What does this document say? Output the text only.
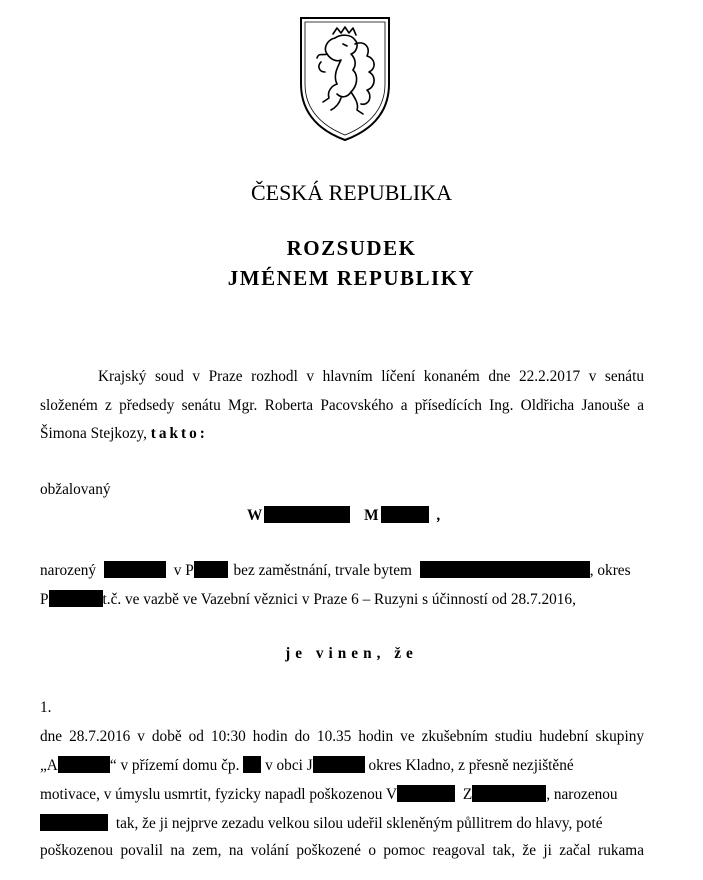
ČESKÁ REPUBLIKA
ROZSUDEK
JMÉNEM REPUBLIKY
Krajský soud v Praze rozhodl v hlavním líčení konaném dne 22.2.2017 v senátu
složeném z předsedy senátu Mgr. Roberta Pacovského a přísedících Ing. Oldřicha Janouše a
Šimona Stejkozy, takto:
obžalovaný
W	M	,
narozený	v P	bez zaměstnání, trvale bytem	, okres
P	t.č. ve vazbě ve Vazební věznici v Praze 6 – Ruzyni s účinností od 28.7.2016,
je vinen, že
1.
dne 28.7.2016 v době od 10:30 hodin do 10.35 hodin ve zkušebním studiu hudební skupiny
„A	“ v přízemí domu čp. v obci J	okres Kladno, z přesně nezjištěné
motivace, v úmyslu usmrtit, fyzicky napadl poškozenou V	Z	, narozenou
tak, že ji nejprve zezadu velkou silou udeřil skleněným půllitrem do hlavy, poté
poškozenou povalil na zem, na volání poškozené o pomoc reagoval tak, že ji začal rukama
